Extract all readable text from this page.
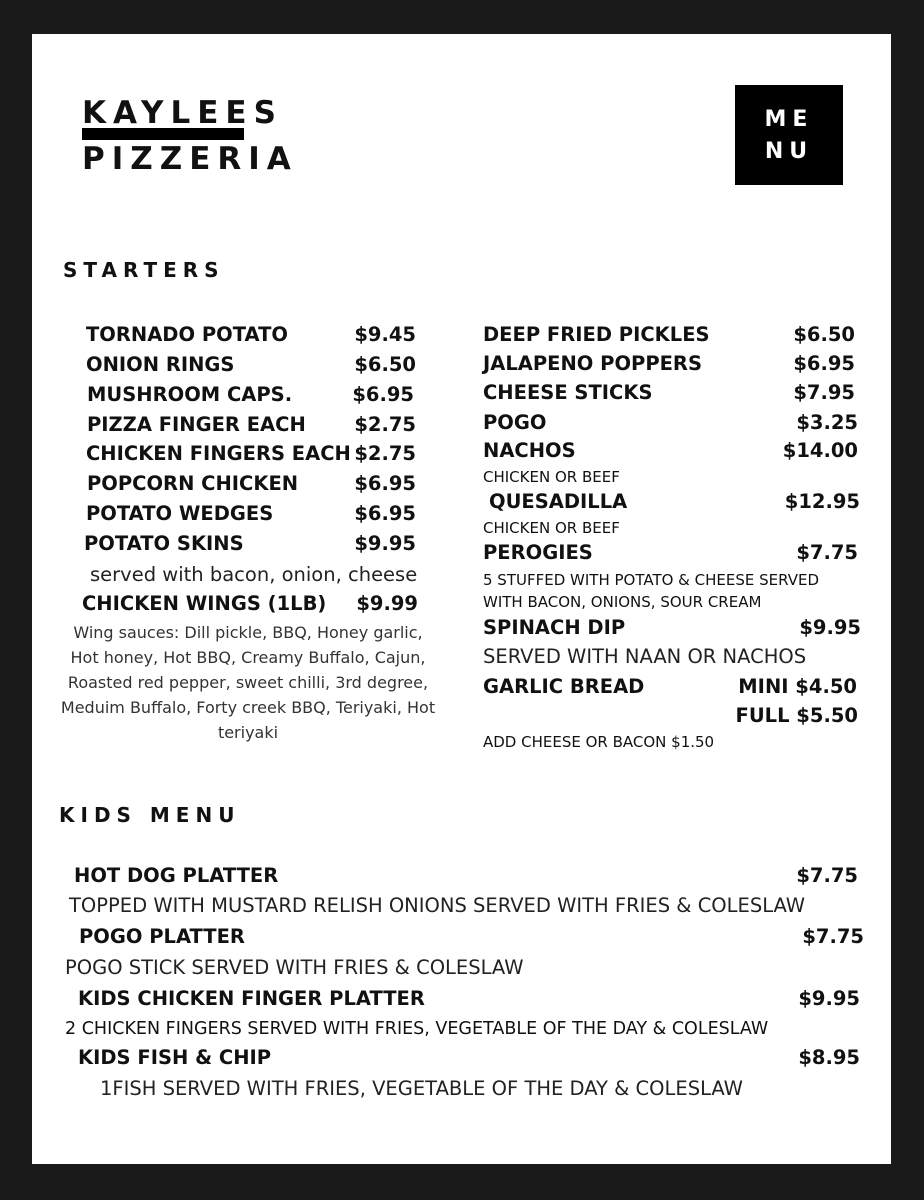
KAYLEES
PIZZERIA
ME
NU
STARTERS
TORNADO POTATO	$9.45
ONION RINGS	$6.50
MUSHROOM CAPS.	$6.95
PIZZA FINGER EACH	$2.75
CHICKEN FINGERS EACH $2.75
POPCORN CHICKEN	$6.95
POTATO WEDGES	$6.95
POTATO SKINS	$9.95
served with bacon, onion, cheese
CHICKEN WINGS (1LB)	$9.99
Wing sauces: Dill pickle, BBQ, Honey garlic, Hot honey, Hot BBQ, Creamy Buffalo, Cajun, Roasted red pepper, sweet chilli, 3rd degree, Meduim Buffalo, Forty creek BBQ, Teriyaki, Hot teriyaki
DEEP FRIED PICKLES	$6.50
JALAPENO POPPERS	$6.95
CHEESE STICKS	$7.95
POGO	$3.25
NACHOS	$14.00
CHICKEN OR BEEF
QUESADILLA	$12.95
CHICKEN OR BEEF
PEROGIES	$7.75
5 STUFFED WITH POTATO & CHEESE SERVED
WITH BACON, ONIONS, SOUR CREAM
SPINACH DIP	$9.95
SERVED WITH NAAN OR NACHOS
GARLIC BREAD	MINI $4.50
FULL $5.50
ADD CHEESE OR BACON $1.50
KIDS MENU
HOT DOG PLATTER	$7.75
TOPPED WITH MUSTARD RELISH ONIONS SERVED WITH FRIES & COLESLAW
POGO PLATTER	$7.75
POGO STICK SERVED WITH FRIES & COLESLAW
KIDS CHICKEN FINGER PLATTER	$9.95
2 CHICKEN FINGERS SERVED WITH FRIES, VEGETABLE OF THE DAY & COLESLAW
KIDS FISH & CHIP	$8.95
1FISH SERVED WITH FRIES, VEGETABLE OF THE DAY & COLESLAW
